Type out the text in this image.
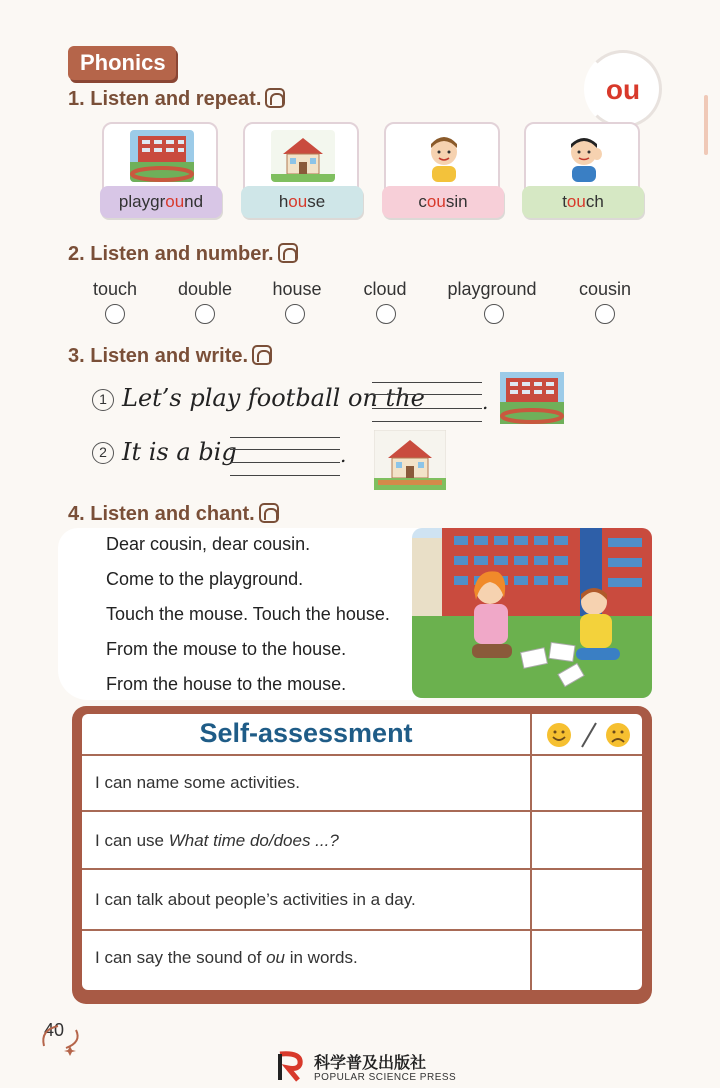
Phonics
ou
1. Listen and repeat.
playground	house	cousin	touch
2. Listen and number.
touch	double	house	cloud	playground	cousin
3. Listen and write.
1 Let’s play football on the	.
2 It is a big	.
4. Listen and chant.
Dear cousin, dear cousin.
Come to the playground.
Touch the mouse. Touch the house.
From the mouse to the house.
From the house to the mouse.
Self-assessment
I can name some activities.
I can use What time do/does ...?
I can talk about people’s activities in a day.
I can say the sound of ou in words.
40
科学普及出版社
POPULAR SCIENCE PRESS
